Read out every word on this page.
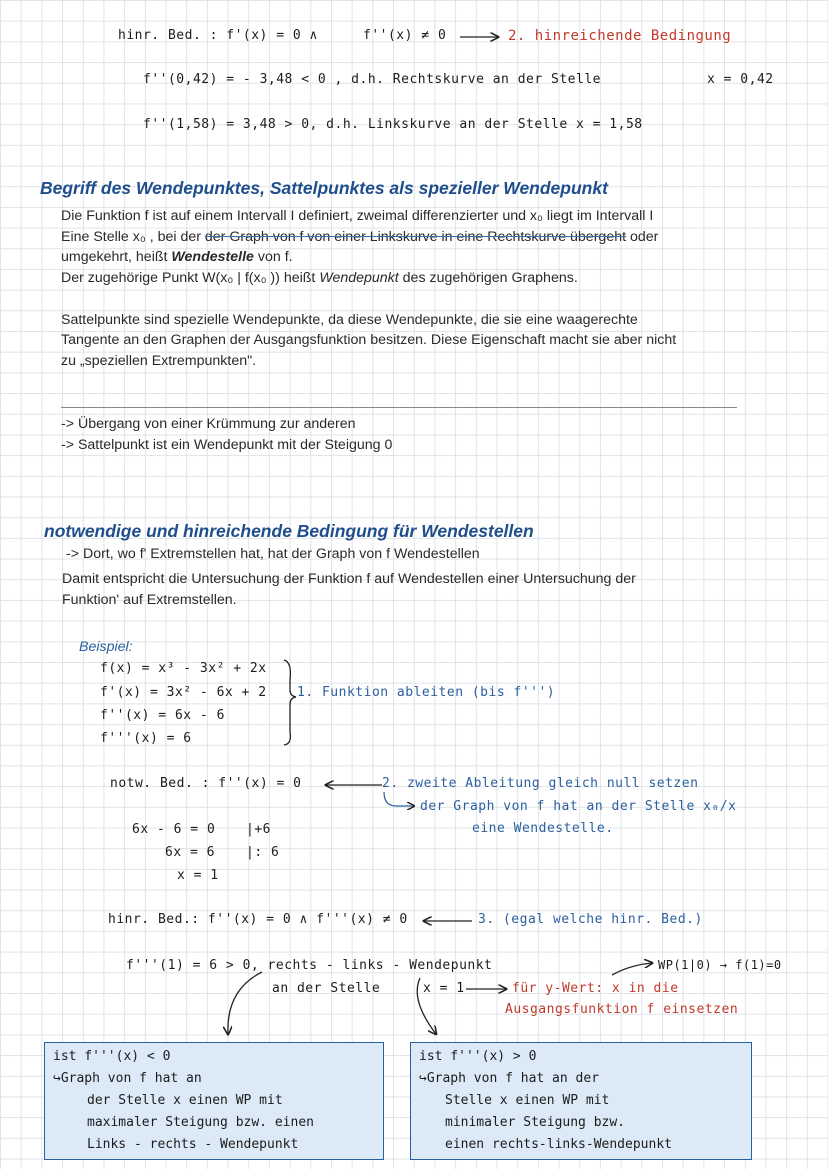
hinr. Bed. : f'(x) = 0 ∧	f''(x) ≠ 0	2. hinreichende Bedingung
f''(0,42) = - 3,48 < 0 , d.h. Rechtskurve an der Stelle	x = 0,42
f''(1,58) = 3,48 > 0, d.h. Linkskurve an der Stelle x = 1,58
Begriff des Wendepunktes, Sattelpunktes als spezieller Wendepunkt
Die Funktion f ist auf einem Intervall I definiert, zweimal differenzierter und x₀ liegt im Intervall I
Eine Stelle x₀ , bei der der Graph von f von einer Linkskurve in eine Rechtskurve übergeht oder
umgekehrt, heißt Wendestelle von f.
Der zugehörige Punkt W(x₀ | f(x₀ )) heißt Wendepunkt des zugehörigen Graphens.
Sattelpunkte sind spezielle Wendepunkte, da diese Wendepunkte, die sie eine waagerechte
Tangente an den Graphen der Ausgangsfunktion besitzen. Diese Eigenschaft macht sie aber nicht
zu „speziellen Extrempunkten".
-> Übergang von einer Krümmung zur anderen
-> Sattelpunkt ist ein Wendepunkt mit der Steigung 0
notwendige und hinreichende Bedingung für Wendestellen
-> Dort, wo f' Extremstellen hat, hat der Graph von f Wendestellen
Damit entspricht die Untersuchung der Funktion f auf Wendestellen einer Untersuchung der
Funktion' auf Extremstellen.
Beispiel:
f(x) = x³ - 3x² + 2x
f'(x) = 3x² - 6x + 2
f''(x) = 6x - 6
f'''(x) = 6
1. Funktion ableiten (bis f''')
notw. Bed. : f''(x) = 0	2. zweite Ableitung gleich null setzen
der Graph von f hat an der Stelle x₀/x
eine Wendestelle.
6x - 6 = 0 |+6
6x = 6 |: 6
x = 1
hinr. Bed.: f''(x) = 0 ∧ f'''(x) ≠ 0	3. (egal welche hinr. Bed.)
f'''(1) = 6 > 0, rechts - links - Wendepunkt
an der Stelle	x = 1
WP(1|0) → f(1)=0
für y-Wert: x in die
Ausgangsfunktion f einsetzen
ist f'''(x) < 0
↪Graph von f hat an
der Stelle x einen WP mit
maximaler Steigung bzw. einen
Links - rechts - Wendepunkt
ist f'''(x) > 0
↪Graph von f hat an der
Stelle x einen WP mit
minimaler Steigung bzw.
einen rechts-links-Wendepunkt
